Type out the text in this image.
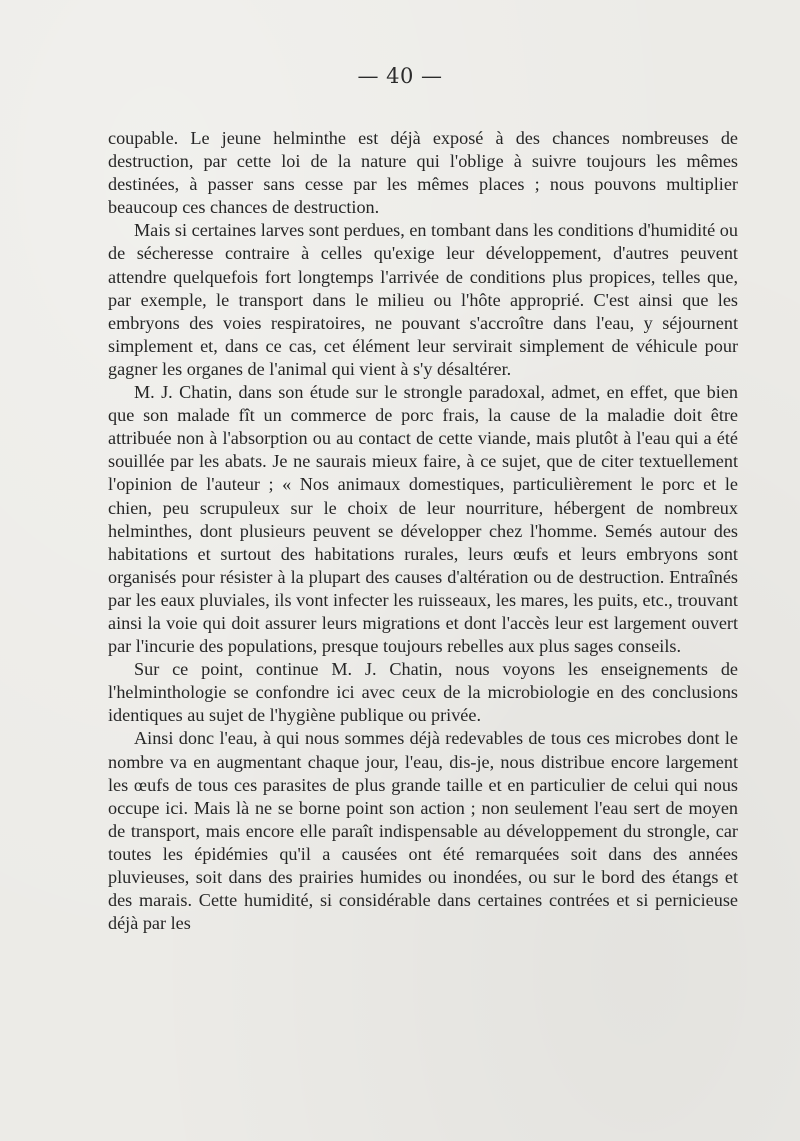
— 40 —

coupable. Le jeune helminthe est déjà exposé à des chances nombreuses de destruction, par cette loi de la nature qui l'oblige à suivre toujours les mêmes destinées, à passer sans cesse par les mêmes places ; nous pouvons multiplier beaucoup ces chances de destruction.

Mais si certaines larves sont perdues, en tombant dans les conditions d'humidité ou de sécheresse contraire à celles qu'exige leur développement, d'autres peuvent attendre quelquefois fort longtemps l'arrivée de conditions plus propices, telles que, par exemple, le transport dans le milieu ou l'hôte approprié. C'est ainsi que les embryons des voies respiratoires, ne pouvant s'accroître dans l'eau, y séjournent simplement et, dans ce cas, cet élément leur servirait simplement de véhicule pour gagner les organes de l'animal qui vient à s'y désaltérer.

M. J. Chatin, dans son étude sur le strongle paradoxal, admet, en effet, que bien que son malade fît un commerce de porc frais, la cause de la maladie doit être attribuée non à l'absorption ou au contact de cette viande, mais plutôt à l'eau qui a été souillée par les abats. Je ne saurais mieux faire, à ce sujet, que de citer textuellement l'opinion de l'auteur ; « Nos animaux domestiques, particulièrement le porc et le chien, peu scrupuleux sur le choix de leur nourriture, hébergent de nombreux helminthes, dont plusieurs peuvent se développer chez l'homme. Semés autour des habitations et surtout des habitations rurales, leurs œufs et leurs embryons sont organisés pour résister à la plupart des causes d'altération ou de destruction. Entraînés par les eaux pluviales, ils vont infecter les ruisseaux, les mares, les puits, etc., trouvant ainsi la voie qui doit assurer leurs migrations et dont l'accès leur est largement ouvert par l'incurie des populations, presque toujours rebelles aux plus sages conseils.

Sur ce point, continue M. J. Chatin, nous voyons les enseignements de l'helminthologie se confondre ici avec ceux de la microbiologie en des conclusions identiques au sujet de l'hygiène publique ou privée.

Ainsi donc l'eau, à qui nous sommes déjà redevables de tous ces microbes dont le nombre va en augmentant chaque jour, l'eau, dis-je, nous distribue encore largement les œufs de tous ces parasites de plus grande taille et en particulier de celui qui nous occupe ici. Mais là ne se borne point son action ; non seulement l'eau sert de moyen de transport, mais encore elle paraît indispensable au développement du strongle, car toutes les épidémies qu'il a causées ont été remarquées soit dans des années pluvieuses, soit dans des prairies humides ou inondées, ou sur le bord des étangs et des marais. Cette humidité, si considérable dans certaines contrées et si pernicieuse déjà par les
